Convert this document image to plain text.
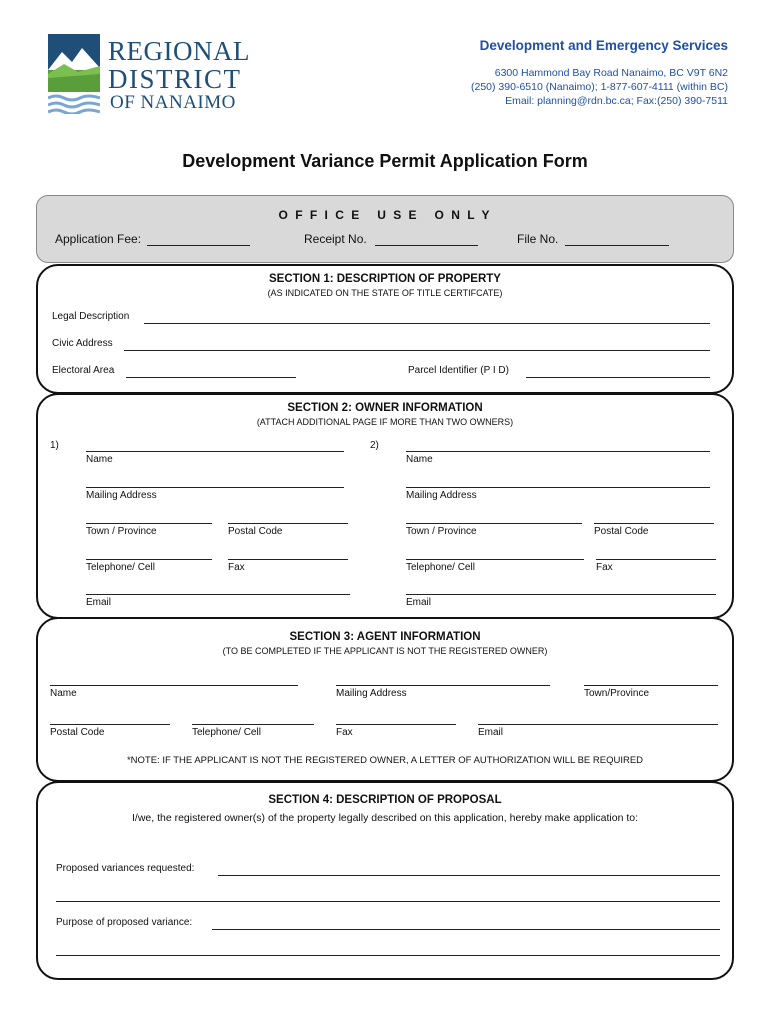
REGIONAL
DISTRICT
OF NANAIMO
Development and Emergency Services
6300 Hammond Bay Road Nanaimo, BC V9T 6N2
(250) 390-6510 (Nanaimo); 1-877-607-4111 (within BC)
Email: planning@rdn.bc.ca; Fax:(250) 390-7511
Development Variance Permit Application Form
O F F I C E   U S E   O N L Y
Application Fee:	Receipt No.	File No.
SECTION 1: DESCRIPTION OF PROPERTY
(AS INDICATED ON THE STATE OF TITLE CERTIFCATE)
Legal Description
Civic Address
Electoral Area	Parcel Identifier (P I D)
SECTION 2: OWNER INFORMATION
(ATTACH ADDITIONAL PAGE IF MORE THAN TWO OWNERS)
1)
Name
Mailing Address
Town / Province	Postal Code
Telephone/ Cell	Fax
Email
2)
Name
Mailing Address
Town / Province	Postal Code
Telephone/ Cell	Fax
Email
SECTION 3: AGENT INFORMATION
(TO BE COMPLETED IF THE APPLICANT IS NOT THE REGISTERED OWNER)
Name	Mailing Address	Town/Province
Postal Code	Telephone/ Cell	Fax	Email
*NOTE: IF THE APPLICANT IS NOT THE REGISTERED OWNER, A LETTER OF AUTHORIZATION WILL BE REQUIRED
SECTION 4: DESCRIPTION OF PROPOSAL
I/we, the registered owner(s) of the property legally described on this application, hereby make application to:
Proposed variances requested:
Purpose of proposed variance:
